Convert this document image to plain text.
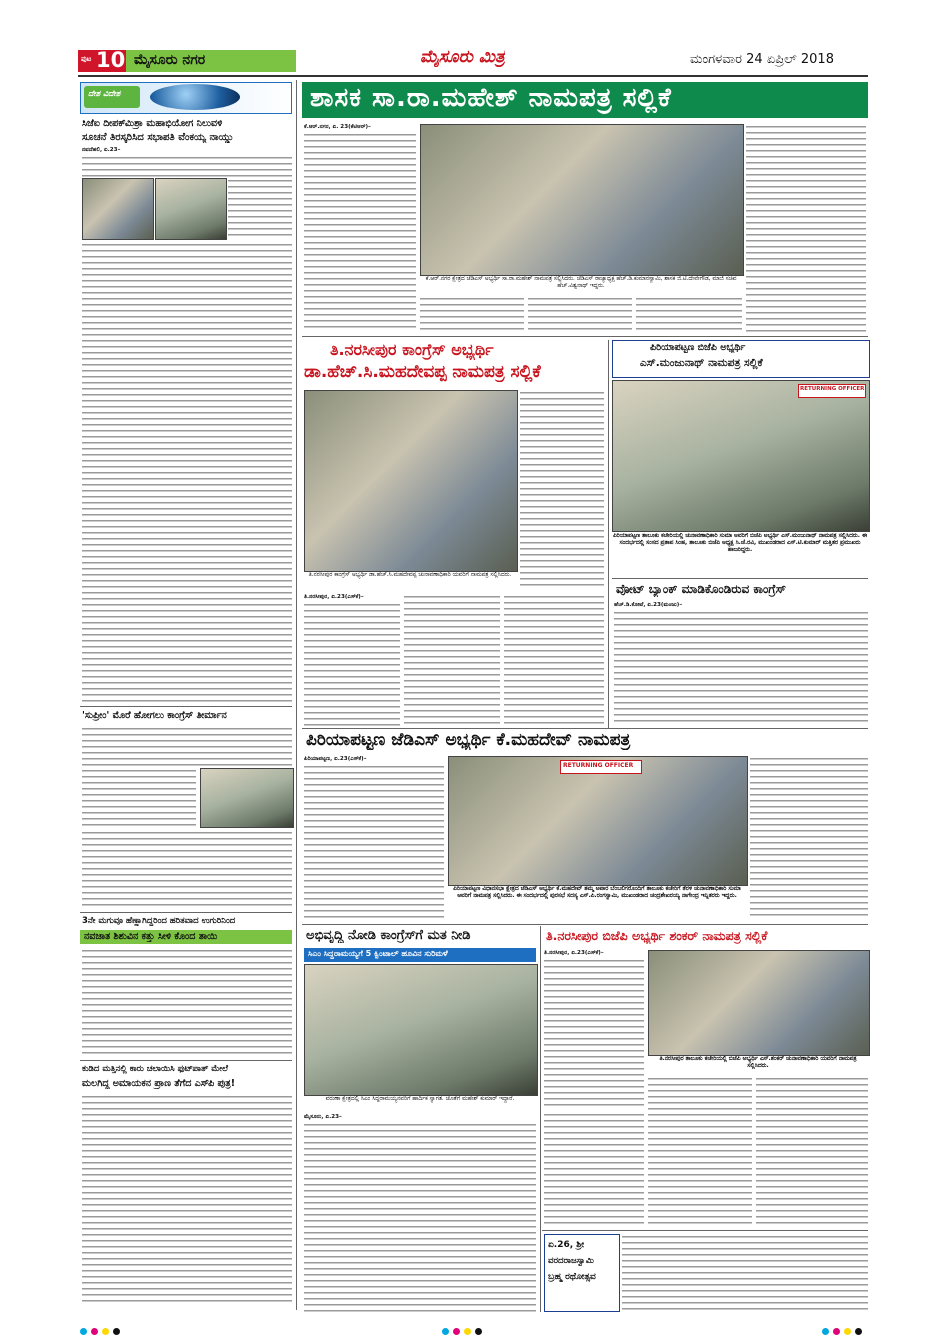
ಪುಟ 10 ಮೈಸೂರು ನಗರ	ಮೈಸೂರು ಮಿತ್ರ	ಮಂಗಳವಾರ 24 ಏಪ್ರಿಲ್ 2018
ದೇಶ ವಿದೇಶ
ಸಿಜೆಐ ದೀಪಕ್‍ಮಿಶ್ರಾ ಮಹಾಭಿಯೋಗ ನಿಲುವಳಿ
ಸೂಚನೆ ತಿರಸ್ಕರಿಸಿದ ಸಭಾಪತಿ ವೆಂಕಯ್ಯ ನಾಯ್ಡು
ನವದೆಹಲಿ, ಏ.23–
'ಸುಪ್ರೀಂ' ಮೊರೆ ಹೋಗಲು ಕಾಂಗ್ರೆಸ್ ತೀರ್ಮಾನ
3ನೇ ಮಗುವೂ ಹೆಣ್ಣಾಗಿದ್ದರಿಂದ ಹರಿತವಾದ ಉಗುರಿನಿಂದ
ನವಜಾತ ಶಿಶುವಿನ ಕತ್ತು ಸೀಳಿ ಕೊಂದ ತಾಯಿ
ಕುಡಿದ ಮತ್ತಿನಲ್ಲಿ ಕಾರು ಚಲಾಯಿಸಿ ಫುಟ್‍ಪಾತ್ ಮೇಲೆ
ಮಲಗಿದ್ದ ಅಮಾಯಕನ ಪ್ರಾಣ ತೆಗೆದ ಎಸ್‍ಪಿ ಪುತ್ರ!
ಶಾಸಕ ಸಾ.ರಾ.ಮಹೇಶ್ ನಾಮಪತ್ರ ಸಲ್ಲಿಕೆ
ಕೆ.ಆರ್.ನಗರ, ಏ. 23(ಕೆಟಿಆರ್)–
ಕೆ.ಆರ್.ನಗರ ಕ್ಷೇತ್ರದ ಜೆಡಿಎಸ್ ಅಭ್ಯರ್ಥಿ ಸಾ.ರಾ.ಮಹೇಶ್ ನಾಮಪತ್ರ ಸಲ್ಲಿಸಿದರು. ಜೆಡಿಎಸ್ ರಾಜ್ಯಾಧ್ಯಕ್ಷ ಹೆಚ್.ಡಿ.ಕುಮಾರಸ್ವಾಮಿ, ಶಾಸಕ ಜಿ.ಟಿ.ದೇವೇಗೌಡ, ಮಾಜಿ ಸಚಿವ ಹೆಚ್.ವಿಶ್ವನಾಥ್ ಇದ್ದರು.
ತಿ.ನರಸೀಪುರ ಕಾಂಗ್ರೆಸ್ ಅಭ್ಯರ್ಥಿ
ಡಾ.ಹೆಚ್.ಸಿ.ಮಹದೇವಪ್ಪ ನಾಮಪತ್ರ ಸಲ್ಲಿಕೆ
ತಿ.ನರಸೀಪುರ ಕಾಂಗ್ರೆಸ್ ಅಭ್ಯರ್ಥಿ ಡಾ.ಹೆಚ್.ಸಿ.ಮಹದೇವಪ್ಪ ಚುನಾವಣಾಧಿಕಾರಿ ಯವರಿಗೆ ನಾಮಪತ್ರ ಸಲ್ಲಿಸಿದರು.
ತಿ.ನರಸೀಪುರ, ಏ.23(ಎಸ್‍ಕೆ)–
ಪಿರಿಯಾಪಟ್ಟಣ ಬಿಜೆಪಿ ಅಭ್ಯರ್ಥಿ
ಎಸ್.ಮಂಜುನಾಥ್ ನಾಮಪತ್ರ ಸಲ್ಲಿಕೆ
RETURNING OFFICER
ಪಿರಿಯಾಪಟ್ಟಣ ತಾಲೂಕು ಕಚೇರಿಯಲ್ಲಿ ಚುನಾವಣಾಧಿಕಾರಿ ಸುಮಾ ಅವರಿಗೆ ಬಿಜೆಪಿ ಅಭ್ಯರ್ಥಿ ಎಸ್.ಮಂಜುನಾಥ್ ನಾಮಪತ್ರ ಸಲ್ಲಿಸಿದರು. ಈ ಸಂದರ್ಭದಲ್ಲಿ ಸಂಸದ ಪ್ರತಾಪ ಸಿಂಹ, ತಾಲೂಕು ಬಿಜೆಪಿ ಅಧ್ಯಕ್ಷ ಸಿ.ಜೆ.ರವಿ, ಮುಖಂಡರಾದ ಎಸ್.ಟಿ.ಕುಮಾರ್ ಮತ್ತಿತರ ಪ್ರಮುಖರು ಹಾಜರಿದ್ದರು.
ವೋಟ್ ಬ್ಯಾಂಕ್ ಮಾಡಿಕೊಂಡಿರುವ ಕಾಂಗ್ರೆಸ್
ಹೆಚ್.ಡಿ.ಕೋಟೆ, ಏ.23(ಮಂಜು)–
ಪಿರಿಯಾಪಟ್ಟಣ ಜೆಡಿಎಸ್ ಅಭ್ಯರ್ಥಿ ಕೆ.ಮಹದೇವ್ ನಾಮಪತ್ರ
ಪಿರಿಯಾಪಟ್ಟಣ, ಏ.23(ಎಸ್‍ಕೆ)–
RETURNING OFFICER
ಪಿರಿಯಾಪಟ್ಟಣ ವಿಧಾನಸಭಾ ಕ್ಷೇತ್ರದ ಜೆಡಿಎಸ್ ಅಭ್ಯರ್ಥಿ ಕೆ.ಮಹದೇವ್ ತಮ್ಮ ಅಪಾರ ಬೆಂಬಲಿಗರೊಂದಿಗೆ ತಾಲೂಕು ಕಚೇರಿಗೆ ತೆರಳಿ ಚುನಾವಣಾಧಿಕಾರಿ ಸುಮಾ ಅವರಿಗೆ ನಾಮಪತ್ರ ಸಲ್ಲಿಸಿದರು. ಈ ಸಂದರ್ಭದಲ್ಲಿ ಪುರಸಭೆ ಸದಸ್ಯ ಎಸ್.ಪಿ.ರಂಗಸ್ವಾಮಿ, ಮುಖಂಡರಾದ ಚಂದ್ರಶೇಖರಯ್ಯ ನಾಗೇಂದ್ರ ಇನ್ನಿತರರು ಇದ್ದರು.
ಅಭಿವೃದ್ಧಿ ನೋಡಿ ಕಾಂಗ್ರೆಸ್‍ಗೆ ಮತ ನೀಡಿ
ಸಿಎಂ ಸಿದ್ದರಾಮಯ್ಯಗೆ 5 ಕ್ವಿಂಟಾಲ್ ಹೂವಿನ ಸುರಿಮಳೆ
ವರುಣಾ ಕ್ಷೇತ್ರದಲ್ಲಿ ಸಿಎಂ ಸಿದ್ದರಾಮಯ್ಯನವರಿಗೆ ಹಾರ್ದಿಕ ಸ್ವಾಗತ. ಜೊತೆಗೆ ಮಹೇಶ್ ಕುಮಾರ್ ಇದ್ದಾರೆ.
ಮೈಸೂರು, ಏ.23–
ತಿ.ನರಸೀಪುರ ಬಿಜೆಪಿ ಅಭ್ಯರ್ಥಿ ಶಂಕರ್ ನಾಮಪತ್ರ ಸಲ್ಲಿಕೆ
ತಿ.ನರಸೀಪುರ, ಏ.23(ಎಸ್‍ಕೆ)–
ತಿ.ನರಸೀಪುರ ತಾಲೂಕು ಕಚೇರಿಯಲ್ಲಿ ಬಿಜೆಪಿ ಅಭ್ಯರ್ಥಿ ಎಸ್.ಶಂಕರ್ ಚುನಾವಣಾಧಿಕಾರಿ ಯವರಿಗೆ ನಾಮಪತ್ರ ಸಲ್ಲಿಸಿದರು.
ಏ.26, ಶ್ರೀ
ವರದರಾಜಸ್ವಾಮಿ
ಬ್ರಹ್ಮ ರಥೋತ್ಸವ
